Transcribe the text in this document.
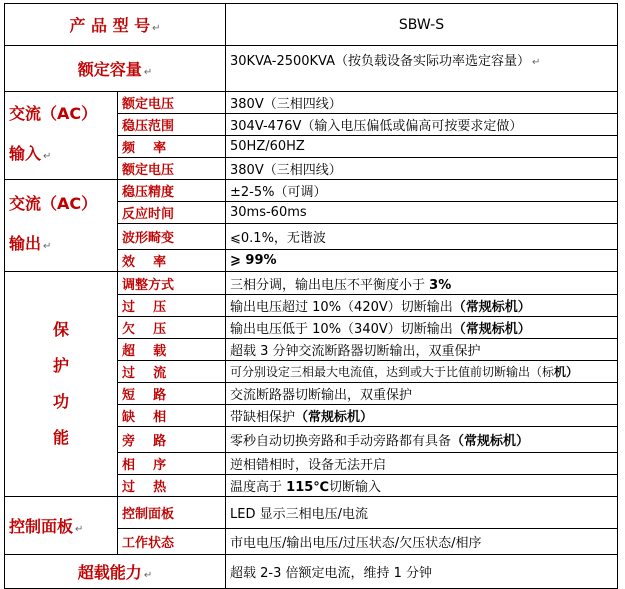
产 品 型 号 ↵		SBW-S
额定容量 ↵		30KVA-2500KVA（按负载设备实际功率选定容量） ↵

交流（AC）
输入 ↵	额定电压	380V（三相四线）
	稳压范围	304V-476V（输入电压偏低或偏高可按要求定做）
	频    率	50HZ/60HZ
	额定电压	380V（三相四线）

交流（AC）
输出 ↵	稳压精度	±2-5%（可调）
	反应时间	30ms-60ms
	波形畸变	⩽0.1%，无谐波
	效    率	⩾ 99%

保
护
功
能	调整方式	三相分调，输出电压不平衡度小于 3%
	过    压	输出电压超过 10%（420V）切断输出（常规标机）
	欠    压	输出电压低于 10%（340V）切断输出（常规标机）
	超    载	超载 3 分钟交流断路器切断输出，双重保护
	过    流	可分别设定三相最大电流值，达到或大于比值前切断输出（标机）
	短    路	交流断路器切断输出，双重保护
	缺    相	带缺相保护（常规标机）
	旁    路	零秒自动切换旁路和手动旁路都有具备（常规标机）
	相    序	逆相错相时，设备无法开启
	过    热	温度高于 115℃切断输入
控制面板 ↵	控制面板	LED 显示三相电压/电流
	工作状态	市电电压/输出电压/过压状态/欠压状态/相序
超载能力 ↵		超载 2-3 倍额定电流，维持 1 分钟
